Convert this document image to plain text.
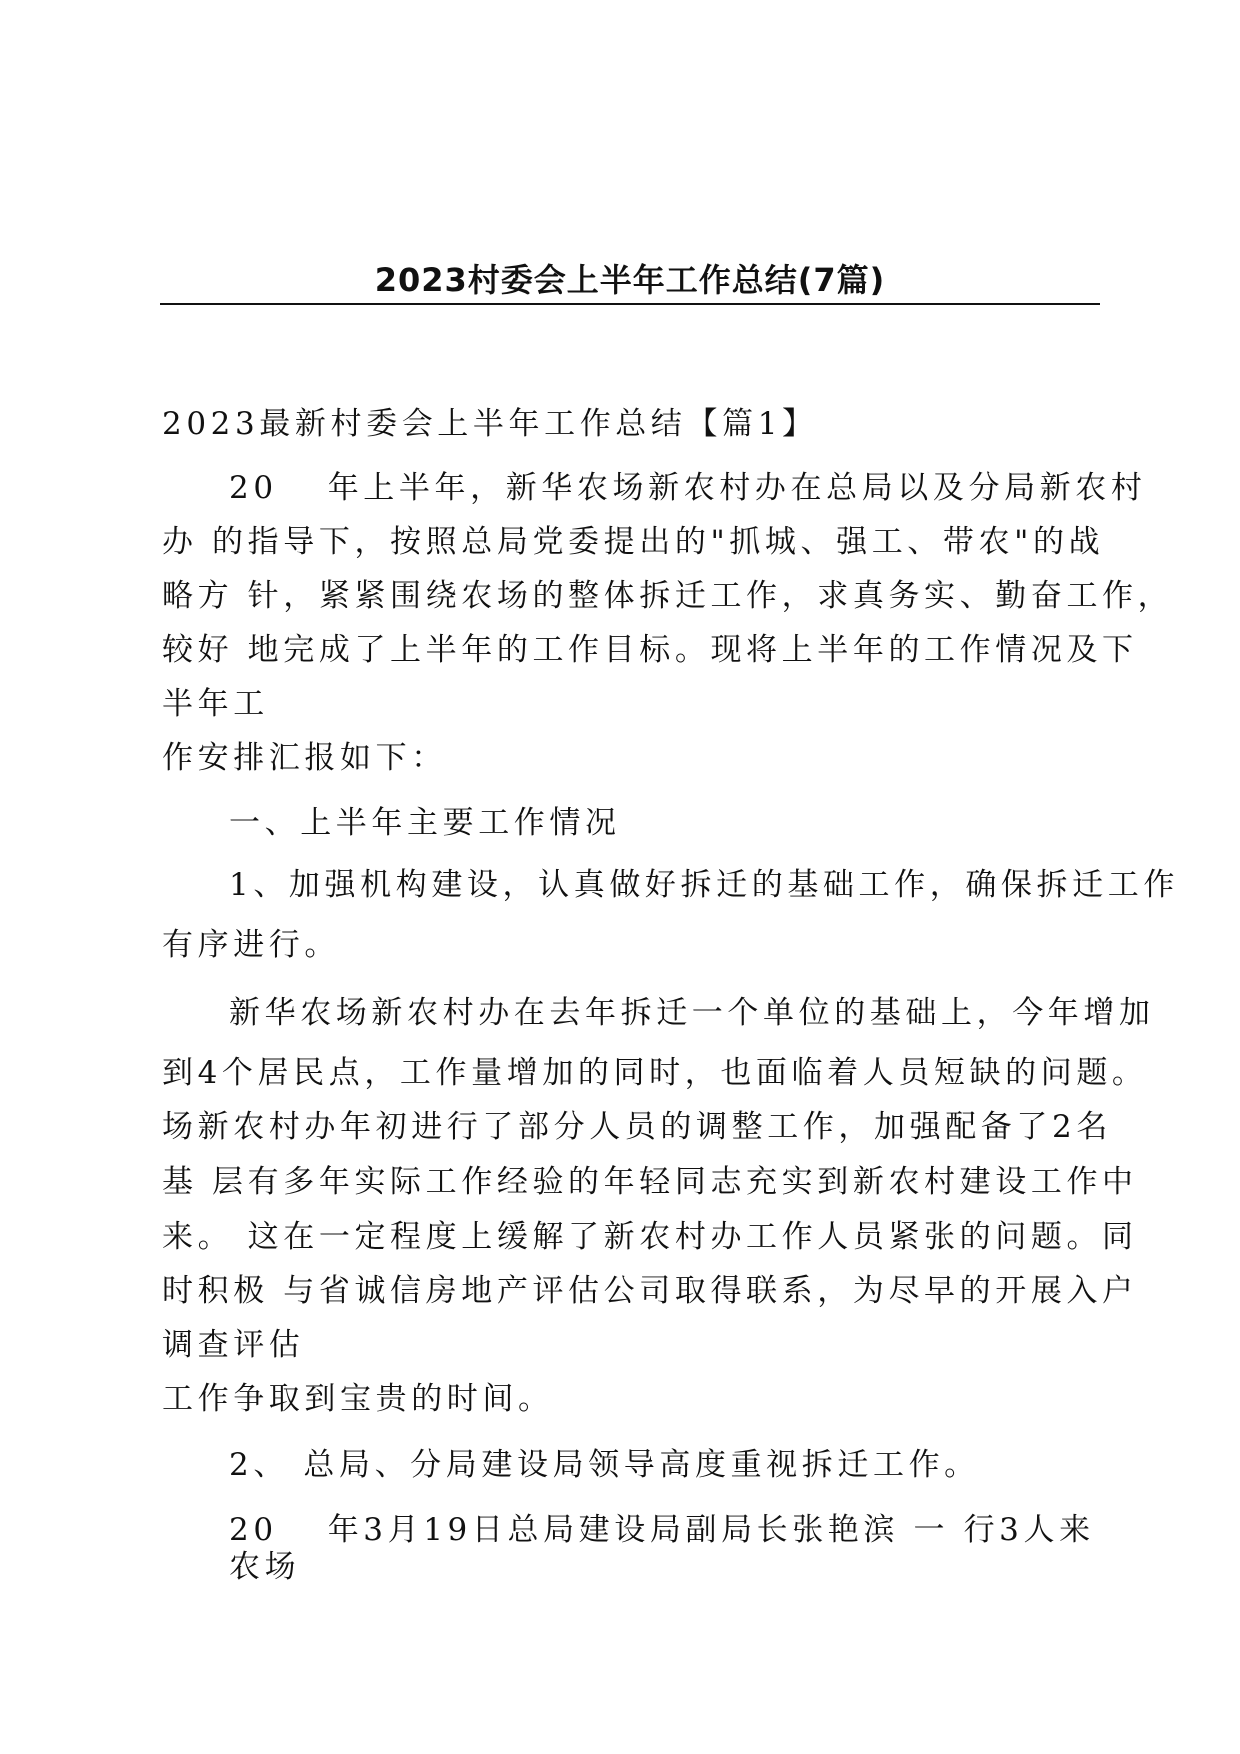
2023村委会上半年工作总结(7篇)
2023最新村委会上半年工作总结【篇1】
20　 年上半年，新华农场新农村办在总局以及分局新农村
办 的指导下，按照总局党委提出的"抓城、强工、带农"的战
略方 针，紧紧围绕农场的整体拆迁工作，求真务实、勤奋工作，
较好 地完成了上半年的工作目标。现将上半年的工作情况及下
半年工
作安排汇报如下：
一、上半年主要工作情况
1、加强机构建设，认真做好拆迁的基础工作，确保拆迁工作
有序进行。
新华农场新农村办在去年拆迁一个单位的基础上，今年增加
到4个居民点，工作量增加的同时，也面临着人员短缺的问题。
场新农村办年初进行了部分人员的调整工作，加强配备了2名
基 层有多年实际工作经验的年轻同志充实到新农村建设工作中
来。 这在一定程度上缓解了新农村办工作人员紧张的问题。同
时积极 与省诚信房地产评估公司取得联系，为尽早的开展入户
调查评估
工作争取到宝贵的时间。
2、 总局、分局建设局领导高度重视拆迁工作。
20　 年3月19日总局建设局副局长张艳滨 一 行3人来
农场
